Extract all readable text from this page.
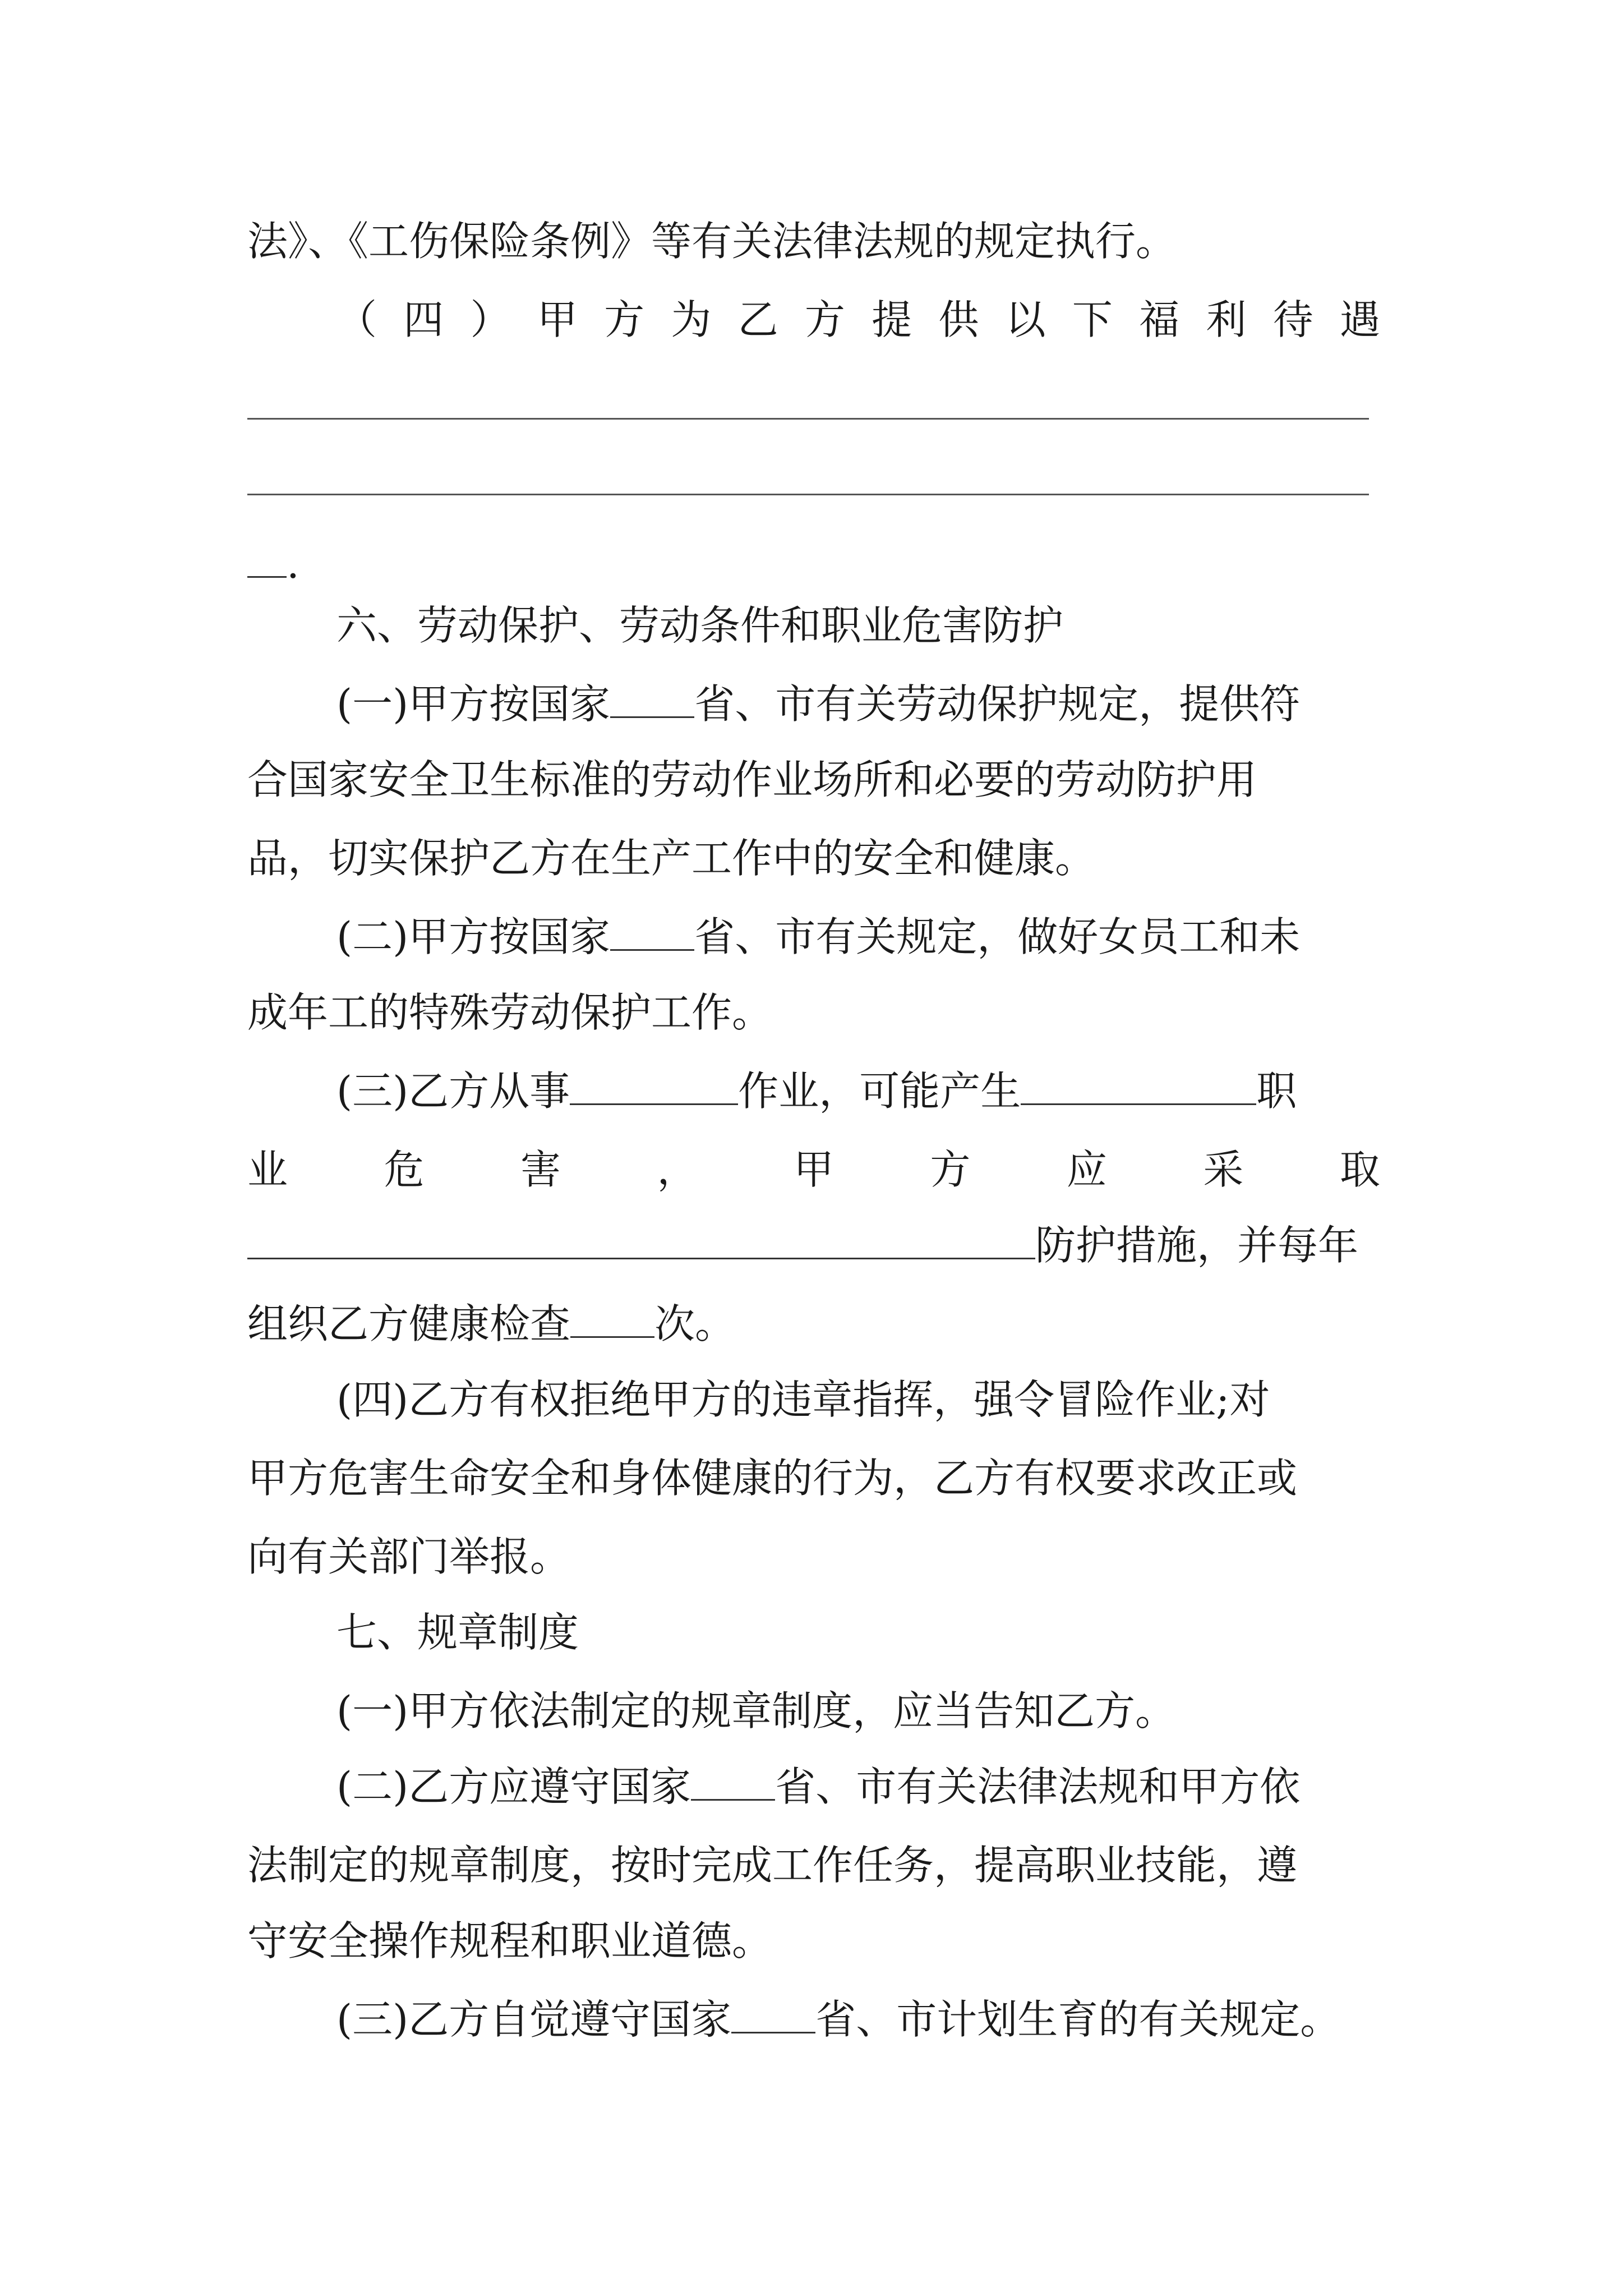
法》、《工伤保险条例》等有关法律法规的规定执行。
（ 四 ） 甲 方 为 乙 方 提 供 以 下 福 利 待 遇
.
六、劳动保护、劳动条件和职业危害防护
(一)甲方按国家 省、市有关劳动保护规定，提供符
合国家安全卫生标准的劳动作业场所和必要的劳动防护用
品，切实保护乙方在生产工作中的安全和健康。
(二)甲方按国家 省、市有关规定，做好女员工和未
成年工的特殊劳动保护工作。
(三)乙方从事	作业，可能产生	职
业 危 害 ， 甲 方 应 采 取
防护措施，并每年
组织乙方健康检查 次。
(四)乙方有权拒绝甲方的违章指挥，强令冒险作业;对
甲方危害生命安全和身体健康的行为，乙方有权要求改正或
向有关部门举报。
七、规章制度
(一)甲方依法制定的规章制度，应当告知乙方。
(二)乙方应遵守国家 省、市有关法律法规和甲方依
法制定的规章制度，按时完成工作任务，提高职业技能，遵
守安全操作规程和职业道德。
(三)乙方自觉遵守国家 省、市计划生育的有关规定。
